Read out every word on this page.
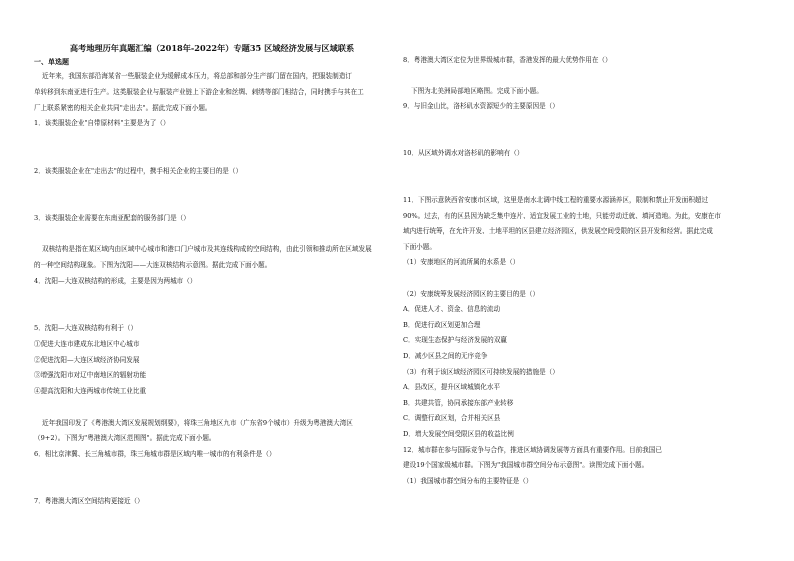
高考地理历年真题汇编（2018年-2022年）专题35 区域经济发展与区域联系
一、单选题
近年来，我国东部沿海某省一些服装企业为缓解成本压力，将总部和部分生产部门留在国内，把服装制造订
单转移到东南亚进行生产。这类服装企业与服装产业链上下游企业和丝绸、刺绣等部门相结合，同时携手与其在工
厂上联系紧密的相关企业共同"走出去"。据此完成下面小题。
1．该类服装企业"自带原材料"主要是为了（）
2．该类服装企业在"走出去"的过程中，携手相关企业的主要目的是（）
3．该类服装企业需要在东南亚配套的服务部门是（）
双核结构是指在某区域内由区域中心城市和港口门户城市及其连线构成的空间结构，由此引领和推动所在区域发展
的一种空间结构现象。下图为沈阳——大连双核结构示意图。据此完成下面小题。
4．沈阳—大连双核结构的形成，主要是因为两城市（）
5．沈阳—大连双核结构有利于（）
①促进大连市建成东北地区中心城市
②促进沈阳—大连区域经济协同发展
③增强沈阳市对辽中南地区的辐射功能
④提高沈阳和大连两城市传统工业比重
近年我国印发了《粤港澳大湾区发展规划纲要》，将珠三角地区九市（广东省9个城市）升级为粤港澳大湾区
（9+2）。下图为"粤港澳大湾区范围图"。据此完成下面小题。
6．相比京津冀、长三角城市群，珠三角城市群是区域内唯一城市的有利条件是（）
7．粤港澳大湾区空间结构更接近（）
8．粤港澳大湾区定位为世界级城市群，香港发挥的最大优势作用在（）
下图为北美洲局部地区略图。完成下面小题。
9．与旧金山比，洛杉矶水资源短少的主要原因是（）
10．从区域外调水对洛杉矶的影响有（）
11．下图示意陕西省安康市区域，这里是南水北调中线工程的重要水源涵养区，限制和禁止开发面积超过
90%。过去，有的区县因为缺乏集中连片、适宜发展工业的土地，只能劳动迁就、填河造地。为此，安康在市
域内进行统筹，在允许开发、土地平坦的区县建立经济园区，供发展空间受限的区县开发和经营。据此完成
下面小题。
（1）安康地区的河流所属的水系是（）
（2）安康统筹发展经济园区的主要目的是（）
A．促进人才、资金、信息的流动
B．促进行政区划更加合理
C．实现生态保护与经济发展的双赢
D．减少区县之间的无序竞争
（3）有利于该区域经济园区可持续发展的措施是（）
A．县改区，提升区域城镇化水平
B．共建共管，协同承接东部产业转移
C．调整行政区划，合并相关区县
D．增大发展空间受限区县的收益比例
12．城市群在参与国际竞争与合作，推进区域协调发展等方面具有重要作用。目前我国已
建设19个国家级城市群。下图为"我国城市群空间分布示意图"。读图完成下面小题。
（1）我国城市群空间分布的主要特征是（）
